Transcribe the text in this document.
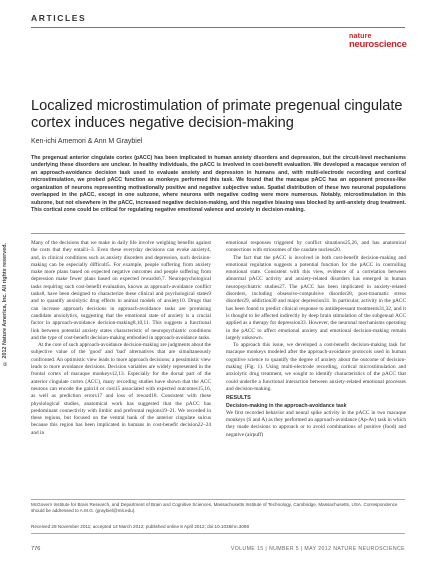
ARTICLES
nature
neuroscience
© 2012 Nature America, Inc. All rights reserved.
Localized microstimulation of primate pregenual cingulate cortex induces negative decision-making
Ken-ichi Amemori & Ann M Graybiel

The pregenual anterior cingulate cortex (pACC) has been implicated in human anxiety disorders and depression, but the circuit-level mechanisms underlying these disorders are unclear. In healthy individuals, the pACC is involved in cost-benefit evaluation. We developed a macaque version of an approach-avoidance decision task used to evaluate anxiety and depression in humans and, with multi-electrode recording and cortical microstimulation, we probed pACC function as monkeys performed this task. We found that the macaque pACC has an opponent process-like organization of neurons representing motivationally positive and negative subjective value. Spatial distribution of these two neuronal populations overlapped in the pACC, except in one subzone, where neurons with negative coding were more numerous. Notably, microstimulation in this subzone, but not elsewhere in the pACC, increased negative decision-making, and this negative biasing was blocked by anti-anxiety drug treatment. This cortical zone could be critical for regulating negative emotional valence and anxiety in decision-making.

Many of the decisions that we make in daily life involve weighing benefits against the costs that they entail1–3. Even these everyday decisions can evoke anxiety4, and, in clinical conditions such as anxiety disorders and depression, such decision-making can be especially difficult5. For example, people suffering from anxiety make more plans based on expected negative outcomes and people suffering from depression make fewer plans based on expected rewards6,7. Neuropsychological tasks requiring such cost-benefit evaluation, known as approach-avoidance conflict tasks8, have been designed to characterize these clinical and psychological states9 and to quantify anxiolytic drug effects in animal models of anxiety10. Drugs that can increase approach decisions in approach-avoidance tasks are promising candidate anxiolytics, suggesting that the emotional state of anxiety is a crucial factor in approach-avoidance decision-making8,10,11. This suggests a functional link between potential anxiety states characteristic of neuropsychiatric conditions and the type of cost-benefit decision-making embodied in approach-avoidance tasks.

At the core of such approach-avoidance decision-making are judgments about the subjective value of the 'good' and 'bad' alternatives that are simultaneously confronted. An optimistic view leads to more approach decisions; a pessimistic view leads to more avoidance decisions. Decision variables are widely represented in the frontal cortex of macaque monkeys12,13. Especially for the dorsal part of the anterior cingulate cortex (ACC), many recording studies have shown that the ACC neurons can encode the gain14 or cost15 associated with expected outcomes15,16, as well as prediction errors17 and loss of reward18. Consistent with these physiological studies, anatomical work has suggested that the pACC has predominant connectivity with limbic and prefrontal regions19–21. We recorded in these regions, but focused on the ventral bank of the anterior cingulate sulcus because this region has been implicated in humans in cost-benefit decision22–24 and in

emotional responses triggered by conflict situations25,26, and has anatomical connections with striosomes of the caudate nucleus20.

The fact that the pACC is involved in both cost-benefit decision-making and emotional regulation suggests a potential function for the pACC in controlling emotional state. Consistent with this view, evidence of a correlation between abnormal pACC activity and anxiety-related disorders has emerged in human neuropsychiatric studies27. The pACC has been implicated in anxiety-related disorders, including obsessive-compulsive disorder28, post-traumatic stress disorder29, addiction30 and major depression31. In particular, activity in the pACC has been found to predict clinical response to antidepressant treatments31,32, and it is thought to be affected indirectly by deep brain stimulation of the subgenual ACC applied as a therapy for depression33. However, the neuronal mechanisms operating in the pACC to affect emotional anxiety and emotional decision-making remain largely unknown.

To approach this issue, we developed a cost-benefit decision-making task for macaque monkeys modeled after the approach-avoidance protocols used in human cognitive science to quantify the degree of anxiety about the outcome of decision-making (Fig. 1). Using multi-electrode recording, cortical microstimulation and anxiolytic drug treatment, we sought to identify characteristics of the pACC that could underlie a functional interaction between anxiety-related emotional processes and decision-making.

RESULTS

Decision-making in the approach-avoidance task

We first recorded behavior and neural spike activity in the pACC in two macaque monkeys (S and A) as they performed an approach-avoidance (Ap-Av) task in which they made decisions to approach or to avoid combinations of positive (food) and negative (airpuff)

McGovern Institute for Brain Research, and Department of Brain and Cognitive Sciences, Massachusetts Institute of Technology, Cambridge, Massachusetts, USA. Correspondence should be addressed to A.M.G. (graybiel@mit.edu).
Received 29 November 2011; accepted 14 March 2012; published online 8 April 2012; doi:10.1038/nn.3088
776	VOLUME 15 | NUMBER 5 | MAY 2012 NATURE NEUROSCIENCE
